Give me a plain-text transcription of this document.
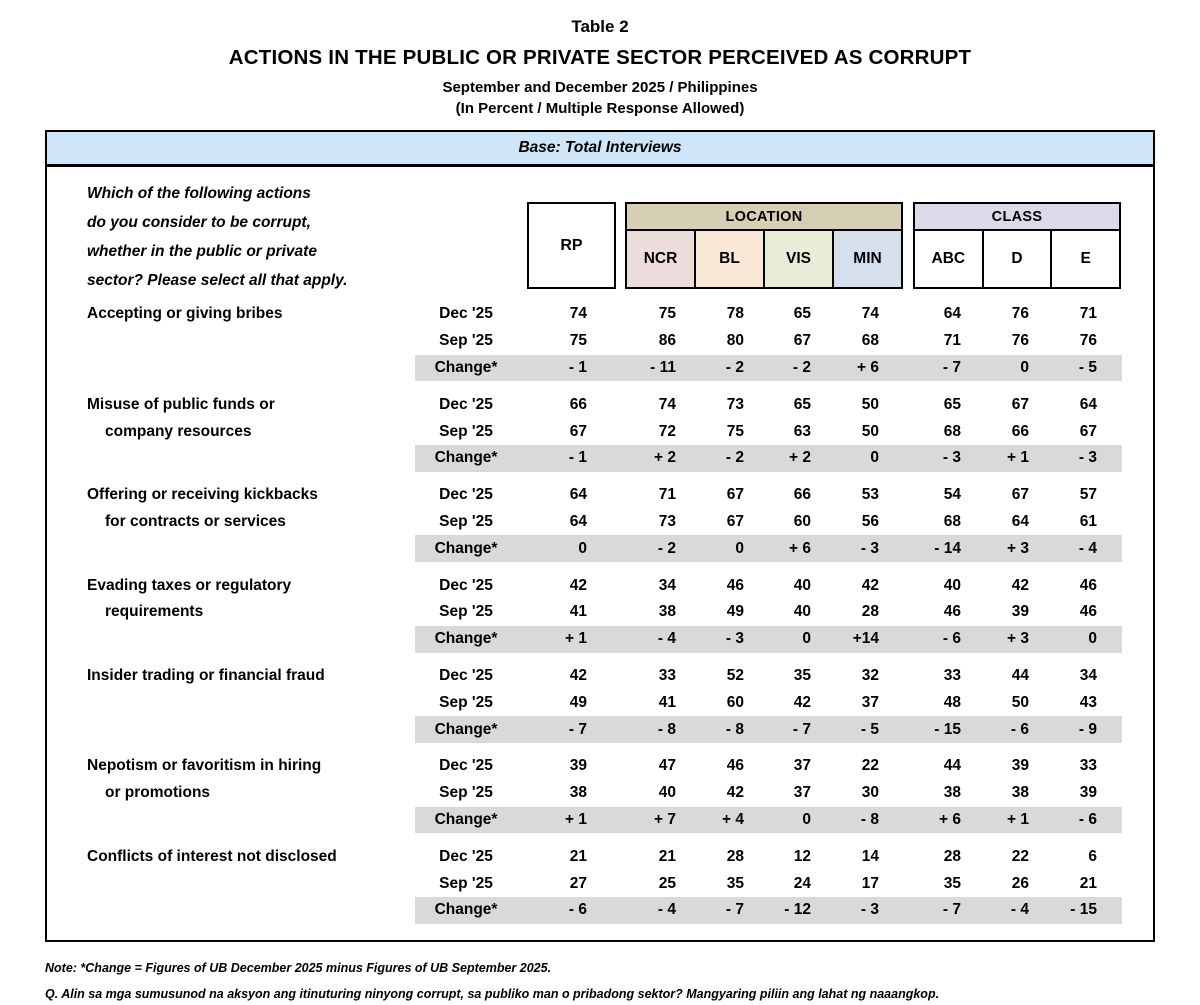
Table 2
ACTIONS IN THE PUBLIC OR PRIVATE SECTOR PERCEIVED AS CORRUPT
September and December 2025 / Philippines
(In Percent / Multiple Response Allowed)
Base: Total Interviews
Which of the following actions
do you consider to be corrupt,
whether in the public or private
sector? Please select all that apply.
RP
LOCATION
NCR	BL	VIS	MIN
CLASS
ABC	D	E
Accepting or giving bribes	Dec '25	74	75	78	65	74	64	76	71
Sep '25	75	86	80	67	68	71	76	76
Change*	- 1	- 11	- 2	- 2	+ 6	- 7	0	- 5
Misuse of public funds or	Dec '25	66	74	73	65	50	65	67	64
company resources	Sep '25	67	72	75	63	50	68	66	67
Change*	- 1	+ 2	- 2	+ 2	0	- 3	+ 1	- 3
Offering or receiving kickbacks	Dec '25	64	71	67	66	53	54	67	57
for contracts or services	Sep '25	64	73	67	60	56	68	64	61
Change*	0	- 2	0	+ 6	- 3	- 14	+ 3	- 4
Evading taxes or regulatory	Dec '25	42	34	46	40	42	40	42	46
requirements	Sep '25	41	38	49	40	28	46	39	46
Change*	+ 1	- 4	- 3	0	+14	- 6	+ 3	0
Insider trading or financial fraud	Dec '25	42	33	52	35	32	33	44	34
Sep '25	49	41	60	42	37	48	50	43
Change*	- 7	- 8	- 8	- 7	- 5	- 15	- 6	- 9
Nepotism or favoritism in hiring	Dec '25	39	47	46	37	22	44	39	33
or promotions	Sep '25	38	40	42	37	30	38	38	39
Change*	+ 1	+ 7	+ 4	0	- 8	+ 6	+ 1	- 6
Conflicts of interest not disclosed	Dec '25	21	21	28	12	14	28	22	6
Sep '25	27	25	35	24	17	35	26	21
Change*	- 6	- 4	- 7	- 12	- 3	- 7	- 4	- 15
Note: *Change = Figures of UB December 2025 minus Figures of UB September 2025.
Q. Alin sa mga sumusunod na aksyon ang itinuturing ninyong corrupt, sa publiko man o pribadong sektor? Mangyaring piliin ang lahat ng naaangkop.
